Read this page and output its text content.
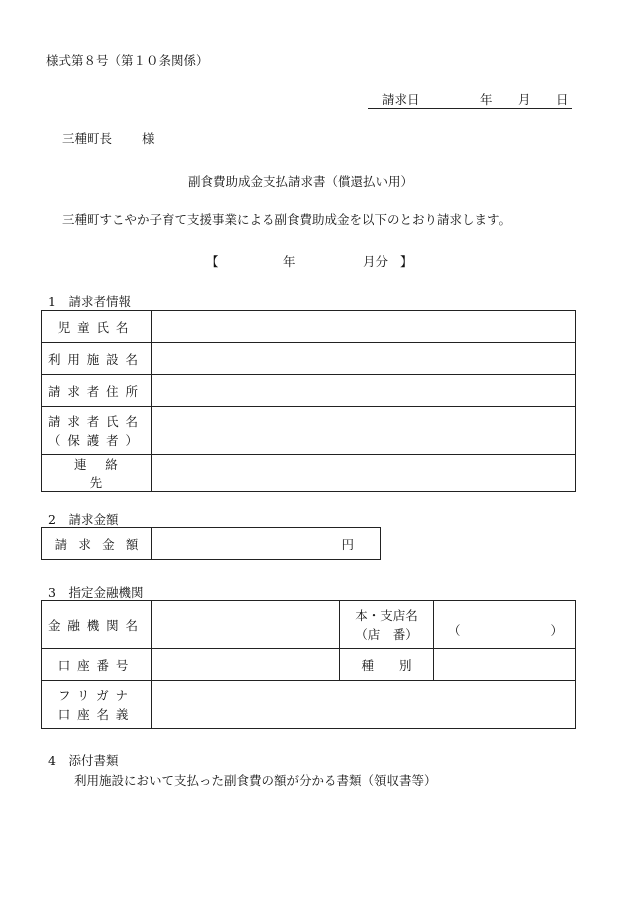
様式第８号（第１０条関係）
請求日	年 月 日
三種町長 様
副食費助成金支払請求書（償還払い用）
三種町すこやか子育て支援事業による副食費助成金を以下のとおり請求します。
【	年	月分 】
1　請求者情報
児童氏名	
利用施設名	
請求者住所	

請求者氏名
（保護者）	

連絡先	
2　請求金額
請求金額	円
3　指定金融機関
金融機関名		本・支店名
（店　番）	（ ）

口座番号		種　　別	

フリガナ
口座名義			

4　添付書類
利用施設において支払った副食費の額が分かる書類（領収書等）
